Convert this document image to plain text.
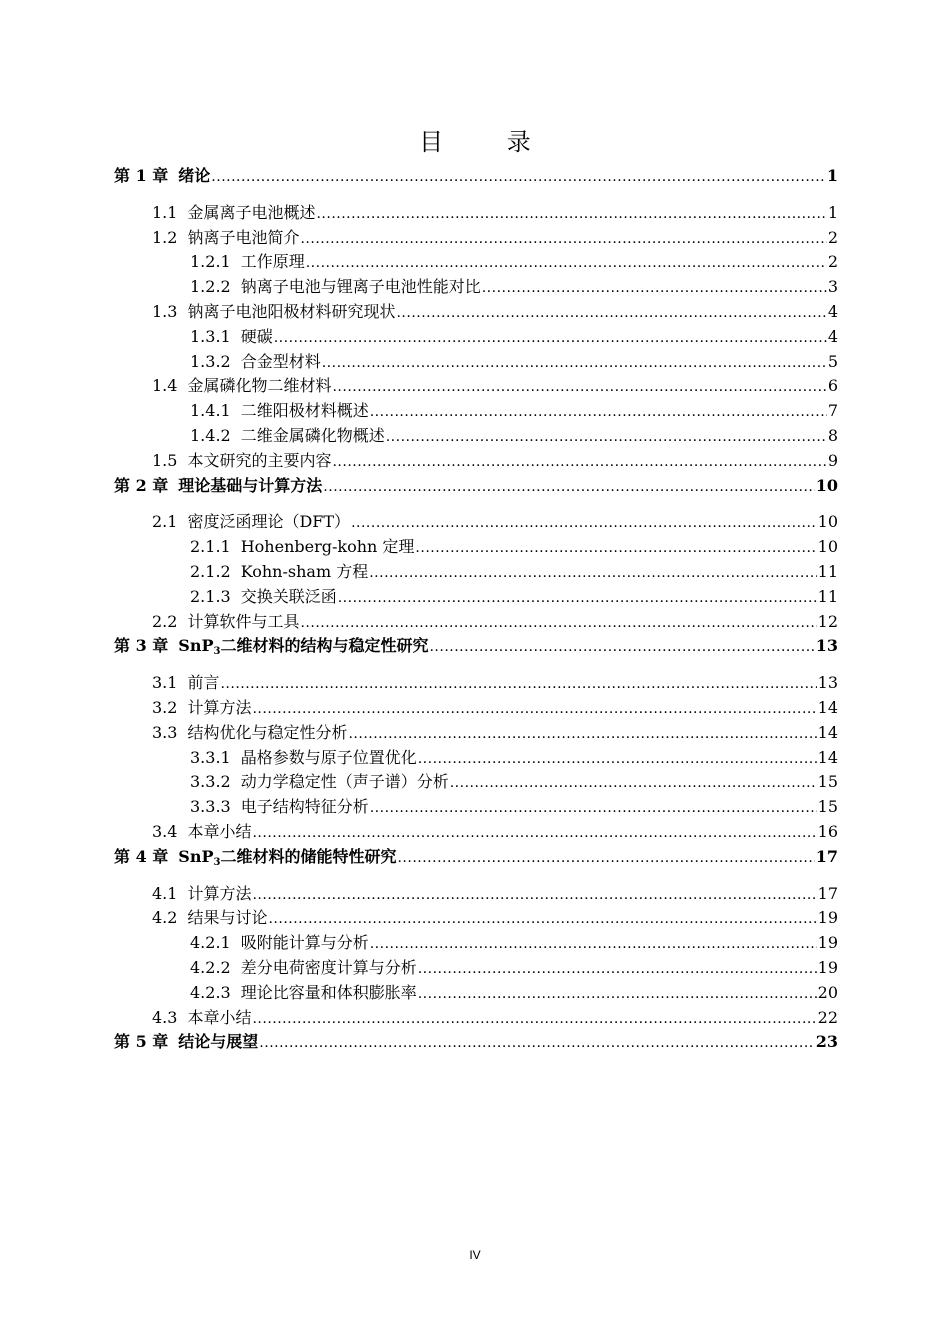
目 录
第 1 章 绪论 .....	1
1.1 金属离子电池概述 .....	1
1.2 钠离子电池简介 .....	2
1.2.1 工作原理 .....	2
1.2.2 钠离子电池与锂离子电池性能对比 .....	3
1.3 钠离子电池阳极材料研究现状 .....	4
1.3.1 硬碳 .....	4
1.3.2 合金型材料 .....	5
1.4 金属磷化物二维材料 .....	6
1.4.1 二维阳极材料概述 .....	7
1.4.2 二维金属磷化物概述 .....	8
1.5 本文研究的主要内容 .....	9
第 2 章 理论基础与计算方法 .....	10
2.1 密度泛函理论（DFT） .....	10
2.1.1 Hohenberg-kohn 定理 .....	10
2.1.2 Kohn-sham 方程 .....	11
2.1.3 交换关联泛函 .....	11
2.2 计算软件与工具 .....	12
第 3 章 SnP$_3$二维材料的结构与稳定性研究 .....	13
3.1 前言 .....	13
3.2 计算方法 .....	14
3.3 结构优化与稳定性分析 .....	14
3.3.1 晶格参数与原子位置优化 .....	14
3.3.2 动力学稳定性（声子谱）分析 .....	15
3.3.3 电子结构特征分析 .....	15
3.4 本章小结 .....	16
第 4 章 SnP$_3$二维材料的储能特性研究 .....	17
4.1 计算方法 .....	17
4.2 结果与讨论 .....	19
4.2.1 吸附能计算与分析 .....	19
4.2.2 差分电荷密度计算与分析 .....	19
4.2.3 理论比容量和体积膨胀率 .....	20
4.3 本章小结 .....	22
第 5 章 结论与展望 .....	23
IV
